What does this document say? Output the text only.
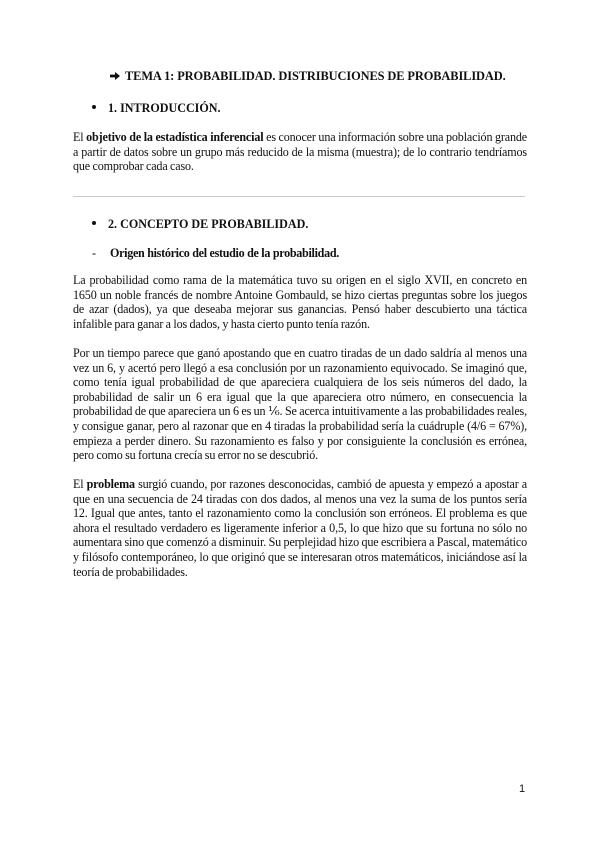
TEMA 1: PROBABILIDAD. DISTRIBUCIONES DE PROBABILIDAD.
1. INTRODUCCIÓN.
El objetivo de la estadística inferencial es conocer una información sobre una población grande a partir de datos sobre un grupo más reducido de la misma (muestra); de lo contrario tendríamos que comprobar cada caso.
2. CONCEPTO DE PROBABILIDAD.
- Origen histórico del estudio de la probabilidad.
La probabilidad como rama de la matemática tuvo su origen en el siglo XVII, en concreto en 1650 un noble francés de nombre Antoine Gombauld, se hizo ciertas preguntas sobre los juegos de azar (dados), ya que deseaba mejorar sus ganancias. Pensó haber descubierto una táctica infalible para ganar a los dados, y hasta cierto punto tenía razón.
Por un tiempo parece que ganó apostando que en cuatro tiradas de un dado saldría al menos una vez un 6, y acertó pero llegó a esa conclusión por un razonamiento equivocado. Se imaginó que, como tenía igual probabilidad de que apareciera cualquiera de los seis números del dado, la probabilidad de salir un 6 era igual que la que apareciera otro número, en consecuencia la probabilidad de que apareciera un 6 es un ⅙. Se acerca intuitivamente a las probabilidades reales, y consigue ganar, pero al razonar que en 4 tiradas la probabilidad sería la cuádruple (4/6 = 67%), empieza a perder dinero. Su razonamiento es falso y por consiguiente la conclusión es errónea, pero como su fortuna crecía su error no se descubrió.
El problema surgió cuando, por razones desconocidas, cambió de apuesta y empezó a apostar a que en una secuencia de 24 tiradas con dos dados, al menos una vez la suma de los puntos sería 12. Igual que antes, tanto el razonamiento como la conclusión son erróneos. El problema es que ahora el resultado verdadero es ligeramente inferior a 0,5, lo que hizo que su fortuna no sólo no aumentara sino que comenzó a disminuir. Su perplejidad hizo que escribiera a Pascal, matemático y filósofo contemporáneo, lo que originó que se interesaran otros matemáticos, iniciándose así la teoría de probabilidades.
1
